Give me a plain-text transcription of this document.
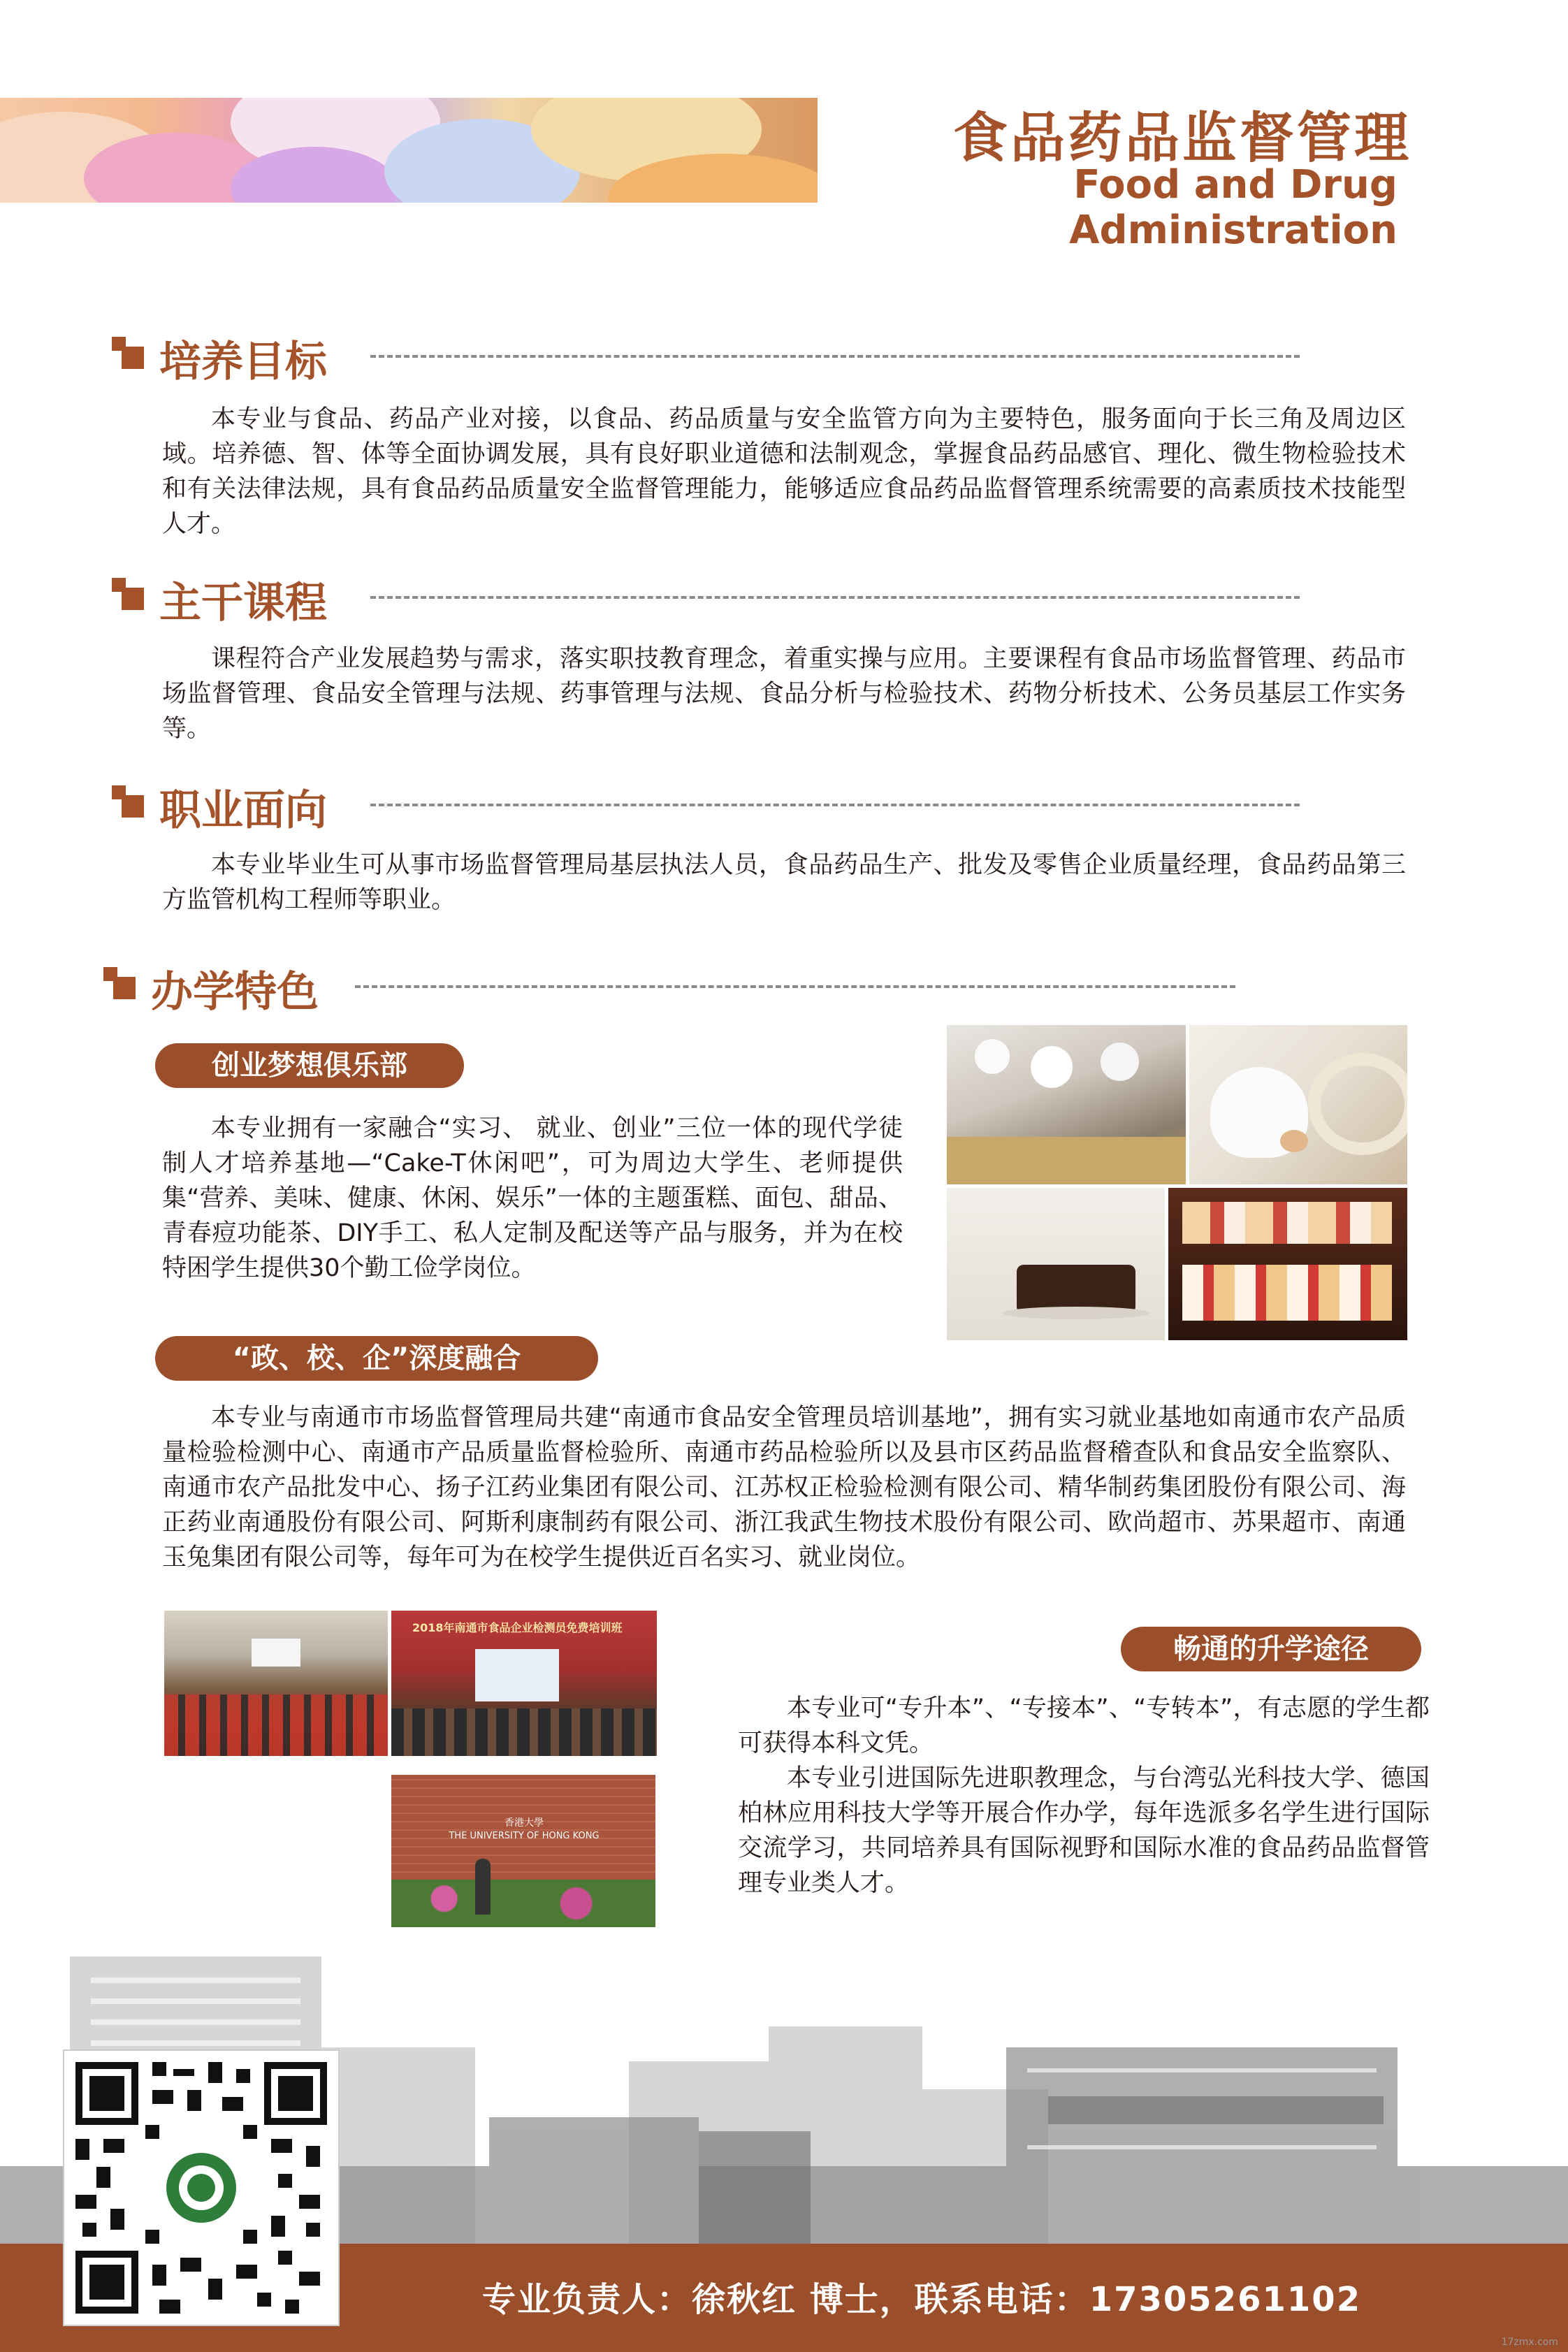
食品药品监督管理
Food and Drug Administration
培养目标

本专业与食品、药品产业对接，以食品、药品质量与安全监管方向为主要特色，服务面向于长三角及周边区域。培养德、智、体等全面协调发展，具有良好职业道德和法制观念，掌握食品药品感官、理化、微生物检验技术和有关法律法规，具有食品药品质量安全监督管理能力，能够适应食品药品监督管理系统需要的高素质技术技能型人才。

主干课程

课程符合产业发展趋势与需求，落实职技教育理念，着重实操与应用。主要课程有食品市场监督管理、药品市场监督管理、食品安全管理与法规、药事管理与法规、食品分析与检验技术、药物分析技术、公务员基层工作实务等。

职业面向

本专业毕业生可从事市场监督管理局基层执法人员，食品药品生产、批发及零售企业质量经理，食品药品第三方监管机构工程师等职业。

办学特色
创业梦想俱乐部

本专业拥有一家融合“实习、 就业、创业”三位一体的现代学徒制人才培养基地—“Cake-T休闲吧”，可为周边大学生、老师提供集“营养、美味、健康、休闲、娱乐”一体的主题蛋糕、面包、甜品、青春痘功能茶、DIY手工、私人定制及配送等产品与服务，并为在校特困学生提供30个勤工俭学岗位。

“政、校、企”深度融合

本专业与南通市市场监督管理局共建“南通市食品安全管理员培训基地”，拥有实习就业基地如南通市农产品质量检验检测中心、南通市产品质量监督检验所、南通市药品检验所以及县市区药品监督稽查队和食品安全监察队、南通市农产品批发中心、扬子江药业集团有限公司、江苏权正检验检测有限公司、精华制药集团股份有限公司、海正药业南通股份有限公司、阿斯利康制药有限公司、浙江我武生物技术股份有限公司、欧尚超市、苏果超市、南通玉兔集团有限公司等，每年可为在校学生提供近百名实习、就业岗位。

2018年南通市食品企业检测员免费培训班
THE UNIVERSITY OF HONG KONG
香港大學
畅通的升学途径

本专业可“专升本”、“专接本”、“专转本”，有志愿的学生都可获得本科文凭。

本专业引进国际先进职教理念，与台湾弘光科技大学、德国柏林应用科技大学等开展合作办学，每年选派多名学生进行国际交流学习，共同培养具有国际视野和国际水准的食品药品监督管理专业类人才。

专业负责人：徐秋红 博士，联系电话：17305261102
17zmx.com
